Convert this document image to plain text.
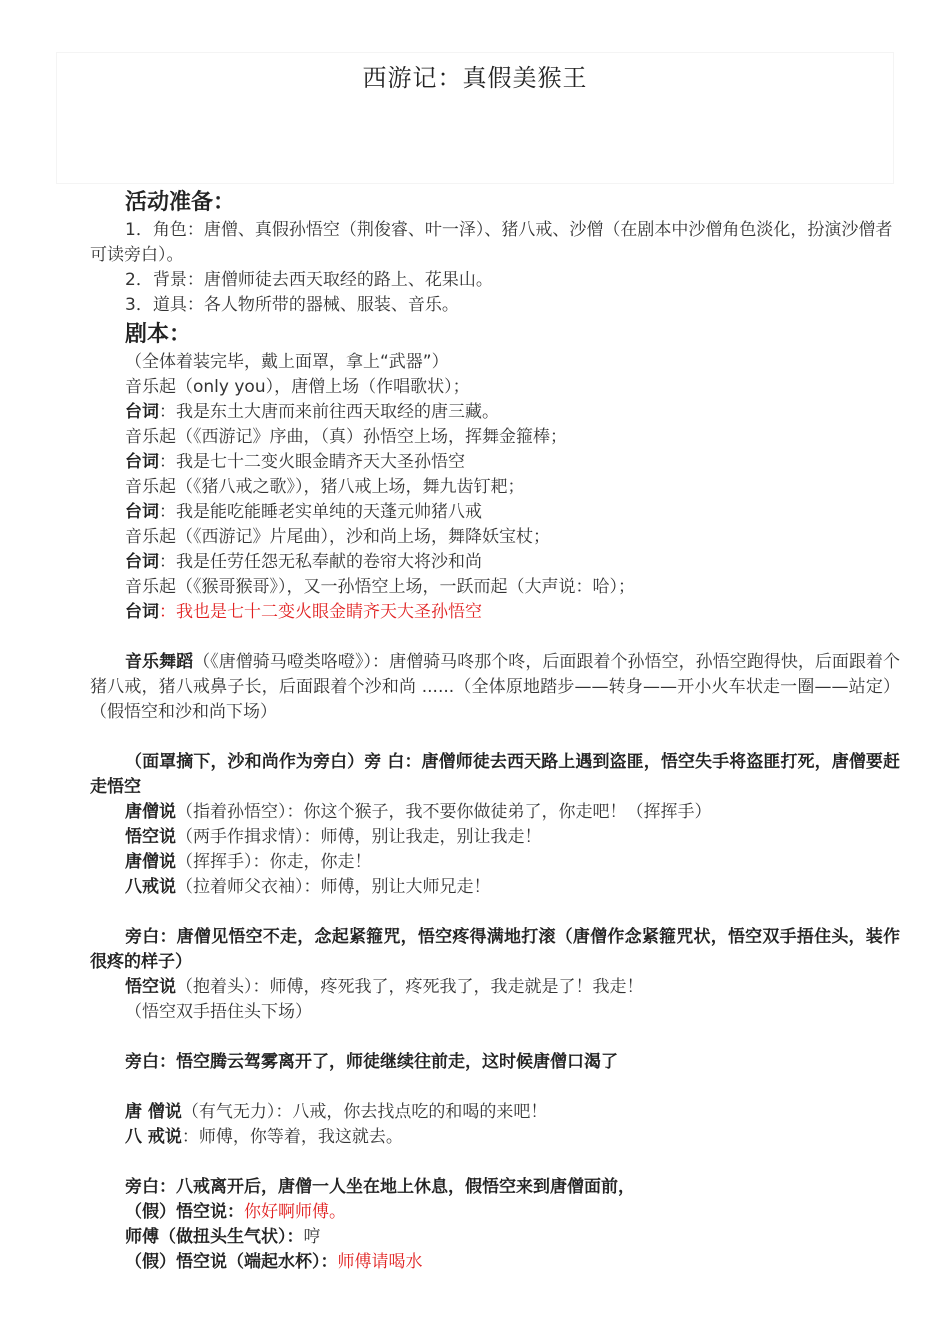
西游记：真假美猴王
活动准备：
1．角色：唐僧、真假孙悟空（荆俊睿、叶一泽）、猪八戒、沙僧（在剧本中沙僧角色淡化，扮演沙僧者可读旁白）。
2．背景：唐僧师徒去西天取经的路上、花果山。
3．道具：各人物所带的器械、服装、音乐。
剧本：
（全体着装完毕，戴上面罩，拿上“武器”）
音乐起（only you），唐僧上场（作唱歌状）；
台词：我是东土大唐而来前往西天取经的唐三藏。
音乐起（《西游记》序曲，（真）孙悟空上场，挥舞金箍棒；
台词：我是七十二变火眼金睛齐天大圣孙悟空
音乐起（《猪八戒之歌》），猪八戒上场，舞九齿钉耙；
台词：我是能吃能睡老实单纯的天蓬元帅猪八戒
音乐起（《西游记》片尾曲），沙和尚上场，舞降妖宝杖；
台词：我是任劳任怨无私奉献的卷帘大将沙和尚
音乐起（《猴哥猴哥》），又一孙悟空上场，一跃而起（大声说：哈）；
台词：我也是七十二变火眼金睛齐天大圣孙悟空
音乐舞蹈（《唐僧骑马噔类咯噔》）：唐僧骑马咚那个咚，后面跟着个孙悟空，孙悟空跑得快，后面跟着个猪八戒，猪八戒鼻子长，后面跟着个沙和尚 ......（全体原地踏步——转身——开小火车状走一圈——站定）（假悟空和沙和尚下场）
（面罩摘下，沙和尚作为旁白）旁 白：唐僧师徒去西天路上遇到盗匪，悟空失手将盗匪打死，唐僧要赶走悟空
唐僧说（指着孙悟空）：你这个猴子，我不要你做徒弟了，你走吧！（挥挥手）
悟空说（两手作揖求情）：师傅，别让我走，别让我走！
唐僧说（挥挥手）：你走，你走！
八戒说（拉着师父衣袖）：师傅，别让大师兄走！
旁白：唐僧见悟空不走，念起紧箍咒，悟空疼得满地打滚（唐僧作念紧箍咒状，悟空双手捂住头，装作很疼的样子）
悟空说（抱着头）：师傅，疼死我了，疼死我了，我走就是了！我走！
（悟空双手捂住头下场）
旁白：悟空腾云驾雾离开了，师徒继续往前走，这时候唐僧口渴了
唐 僧说（有气无力）：八戒，你去找点吃的和喝的来吧！
八 戒说：师傅，你等着，我这就去。
旁白：八戒离开后，唐僧一人坐在地上休息，假悟空来到唐僧面前，
（假）悟空说：你好啊师傅。
师傅（做扭头生气状）：哼
（假）悟空说（端起水杯）：师傅请喝水
